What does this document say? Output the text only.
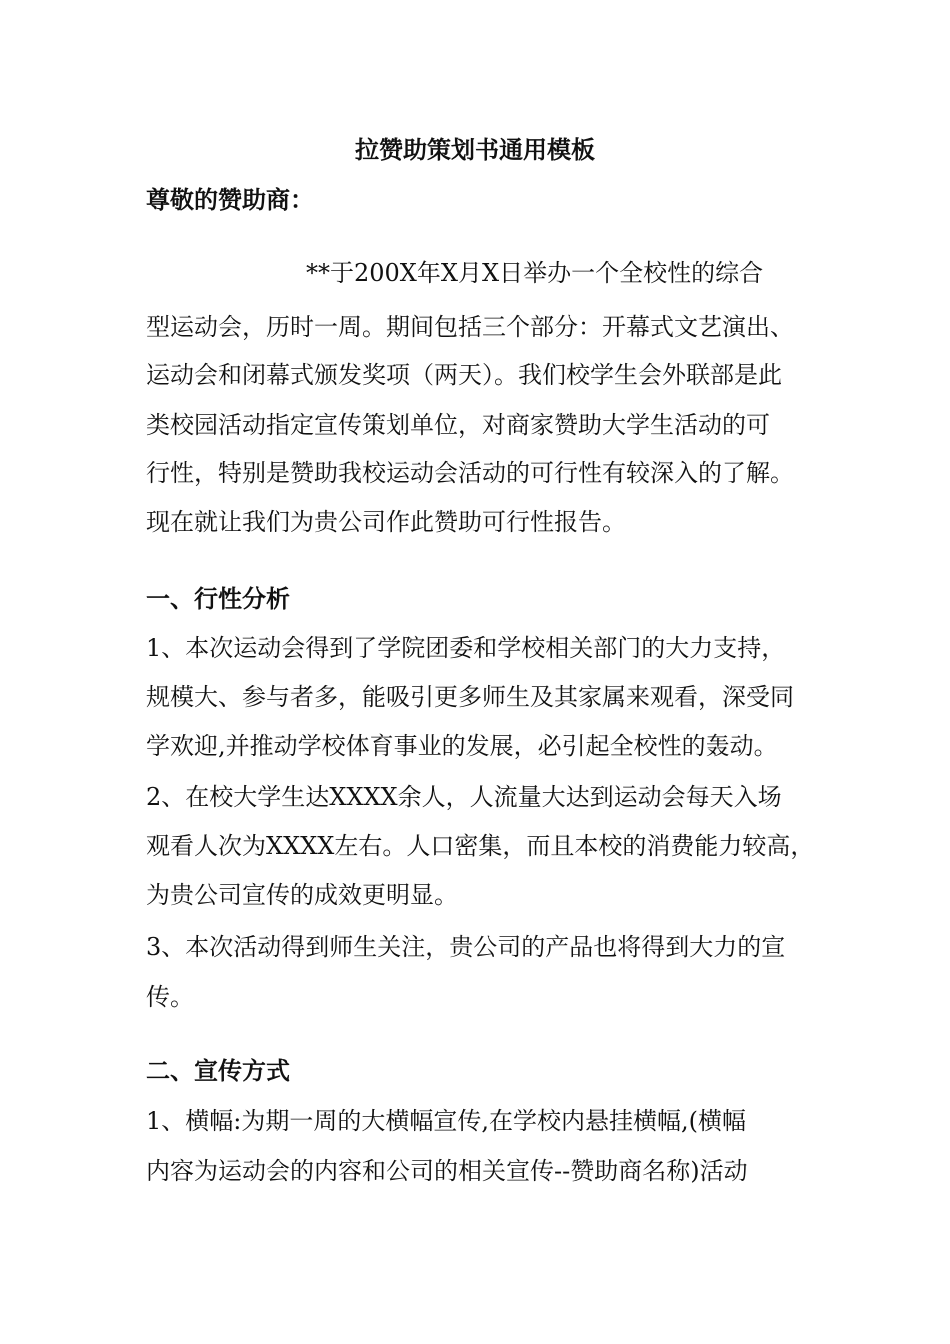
拉赞助策划书通用模板
尊敬的赞助商：
**于200X年X月X日举办一个全校性的综合
型运动会，历时一周。期间包括三个部分：开幕式文艺演出、
运动会和闭幕式颁发奖项（两天）。我们校学生会外联部是此
类校园活动指定宣传策划单位，对商家赞助大学生活动的可
行性，特别是赞助我校运动会活动的可行性有较深入的了解。
现在就让我们为贵公司作此赞助可行性报告。
一、行性分析
1、本次运动会得到了学院团委和学校相关部门的大力支持，
规模大、参与者多，能吸引更多师生及其家属来观看，深受同
学欢迎,并推动学校体育事业的发展，必引起全校性的轰动。
2、在校大学生达XXXX余人，人流量大达到运动会每天入场
观看人次为XXXX左右。人口密集，而且本校的消费能力较高，
为贵公司宣传的成效更明显。
3、本次活动得到师生关注，贵公司的产品也将得到大力的宣
传。
二、宣传方式
1、横幅:为期一周的大横幅宣传,在学校内悬挂横幅,(横幅
内容为运动会的内容和公司的相关宣传--赞助商名称)活动
